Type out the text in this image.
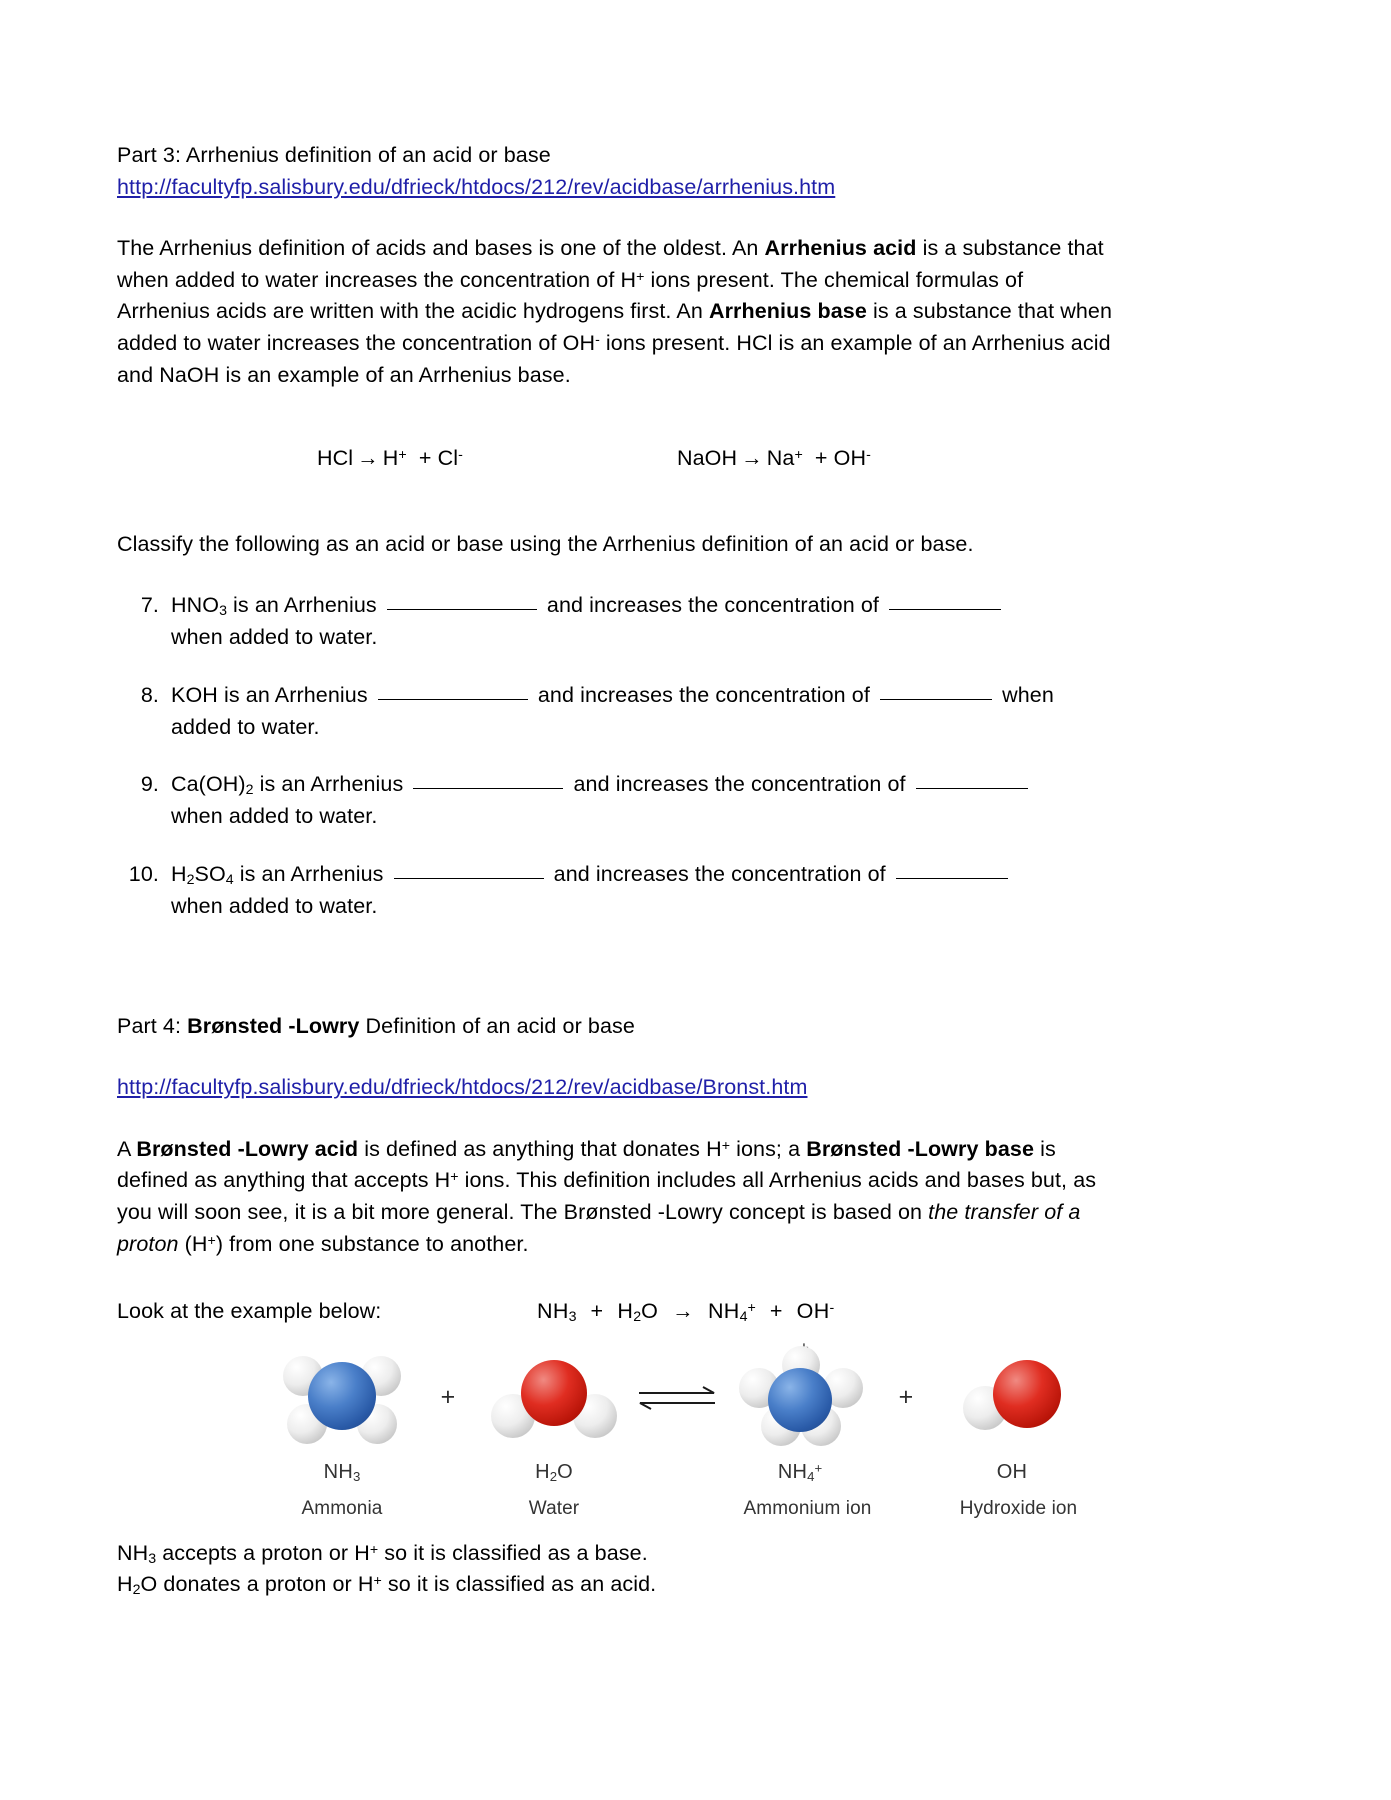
Part 3: Arrhenius definition of an acid or base

http://facultyfp.salisbury.edu/dfrieck/htdocs/212/rev/acidbase/arrhenius.htm

The Arrhenius definition of acids and bases is one of the oldest. An Arrhenius acid is a substance that when added to water increases the concentration of H+ ions present. The chemical formulas of Arrhenius acids are written with the acidic hydrogens first. An Arrhenius base is a substance that when added to water increases the concentration of OH- ions present. HCl is an example of an Arrhenius acid and NaOH is an example of an Arrhenius base.

HCl → H+ + Cl-	NaOH → Na+ + OH-

Classify the following as an acid or base using the Arrhenius definition of an acid or base.

7. $HNO_3$ is an Arrhenius	and increases the concentration of
when added to water.
8. KOH is an Arrhenius	and increases the concentration of	when
added to water.
9. $Ca(OH)_2$ is an Arrhenius	and increases the concentration of
when added to water.
10. $H_2SO_4$ is an Arrhenius	and increases the concentration of
when added to water.

Part 4: Brønsted -Lowry Definition of an acid or base

http://facultyfp.salisbury.edu/dfrieck/htdocs/212/rev/acidbase/Bronst.htm

A Brønsted -Lowry acid is defined as anything that donates H+ ions; a Brønsted -Lowry base is defined as anything that accepts H+ ions. This definition includes all Arrhenius acids and bases but, as you will soon see, it is a bit more general. The Brønsted -Lowry concept is based on the transfer of a proton (H+) from one substance to another.

Look at the example below:	$NH_3 + H_2O \to NH_4^+ + OH^-$
+	+
$NH_3$	$H_2O$	$NH_4^+$	OH
Ammonia	Water	Ammonium ion	Hydroxide ion

$NH_3$ accepts a proton or H+ so it is classified as a base.

$H_2O$ donates a proton or H+ so it is classified as an acid.
